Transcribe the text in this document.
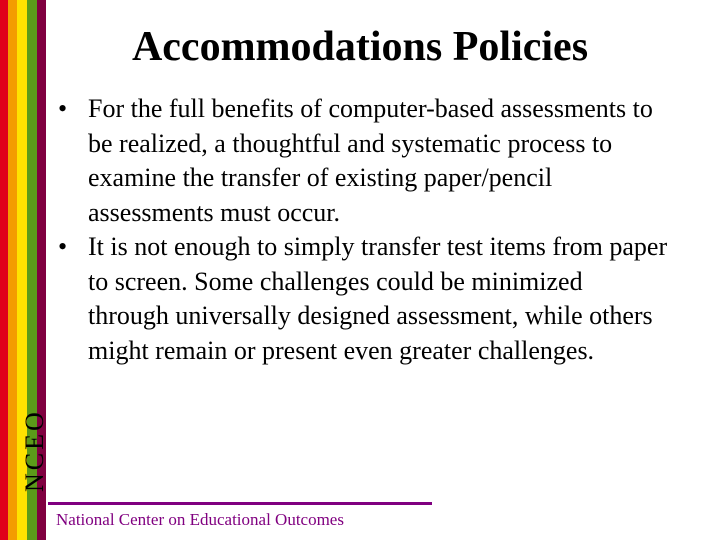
NCEO
Accommodations Policies
• For the full benefits of computer-based assessments to be realized, a thoughtful and systematic process to examine the transfer of existing paper/pencil assessments must occur.
• It is not enough to simply transfer test items from paper to screen. Some challenges could be minimized through universally designed assessment, while others might remain or present even greater challenges.
National Center on Educational Outcomes
